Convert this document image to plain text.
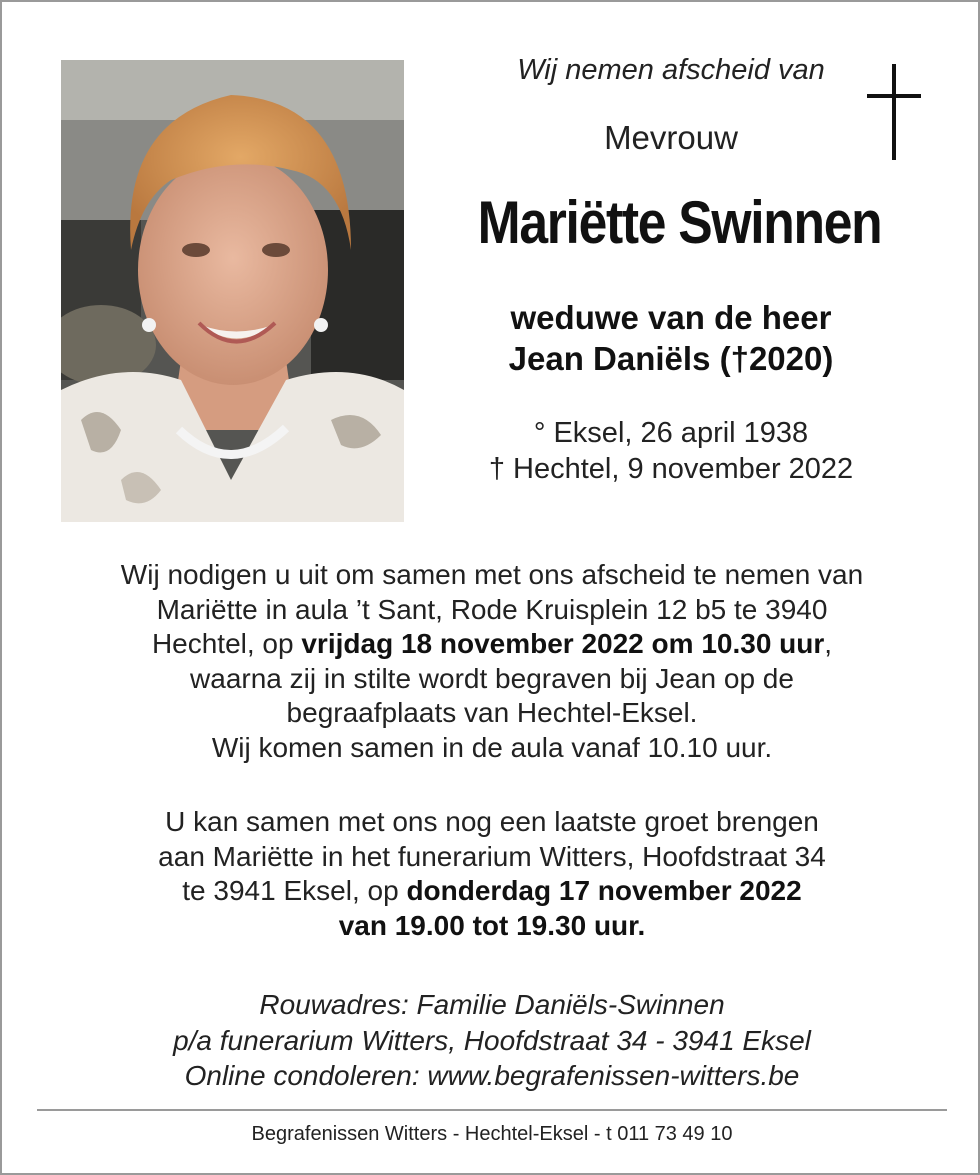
Wij nemen afscheid van
Mevrouw
Mariëtte Swinnen
weduwe van de heer
Jean Daniëls (†2020)
° Eksel, 26 april 1938
† Hechtel, 9 november 2022
Wij nodigen u uit om samen met ons afscheid te nemen van
Mariëtte in aula ’t Sant, Rode Kruisplein 12 b5 te 3940
Hechtel, op vrijdag 18 november 2022 om 10.30 uur,
waarna zij in stilte wordt begraven bij Jean op de
begraafplaats van Hechtel-Eksel.
Wij komen samen in de aula vanaf 10.10 uur.
U kan samen met ons nog een laatste groet brengen
aan Mariëtte in het funerarium Witters, Hoofdstraat 34
te 3941 Eksel, op donderdag 17 november 2022
van 19.00 tot 19.30 uur.
Rouwadres: Familie Daniëls-Swinnen
p/a funerarium Witters, Hoofdstraat 34 - 3941 Eksel
Online condoleren: www.begrafenissen-witters.be
Begrafenissen Witters - Hechtel-Eksel - t 011 73 49 10
